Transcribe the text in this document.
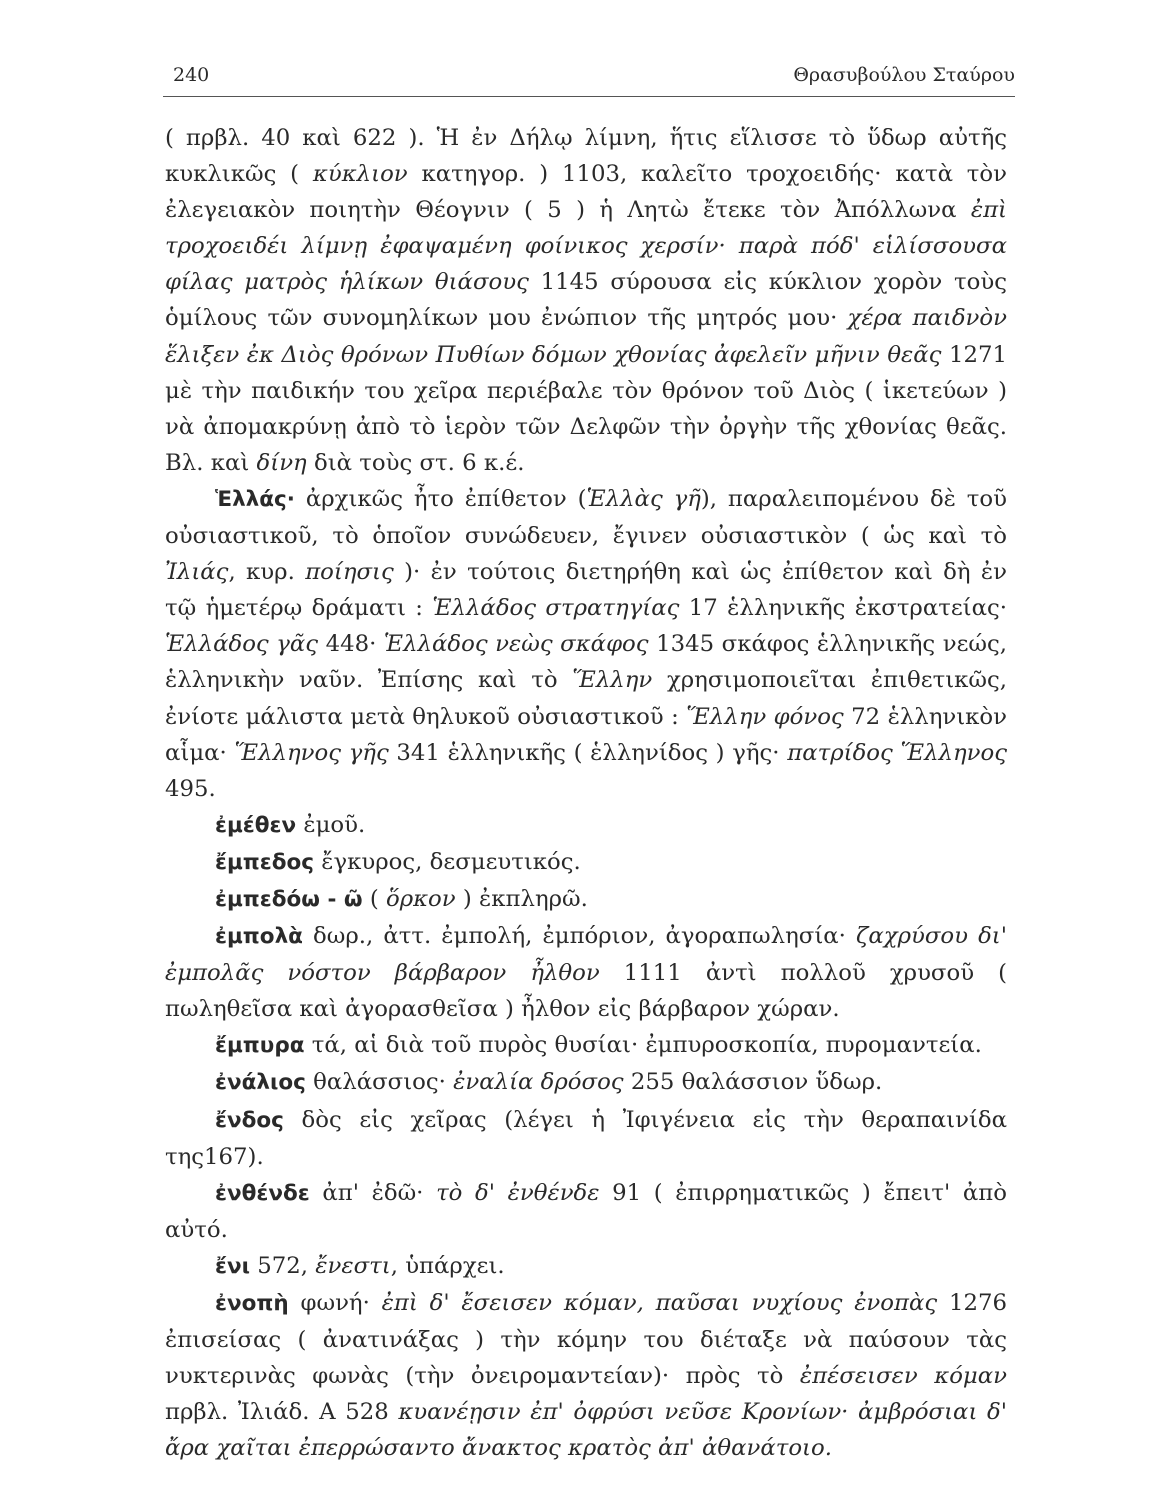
240	Θρασυβούλου Σταύρου

( πρβλ. 40 καὶ 622 ). Ἡ ἐν Δήλῳ λίμνη, ἥτις εἵλισσε τὸ ὕδωρ αὐτῆς κυκλικῶς ( κύκλιον κατηγορ. ) 1103, καλεῖτο τροχοειδής· κατὰ τὸν ἐλεγειακὸν ποιητὴν Θέογνιν ( 5 ) ἡ Λητὼ ἔτεκε τὸν Ἀπόλλωνα ἐπὶ τροχοειδέι λίμνῃ ἐφαψαμένη φοίνικος χερσίν· παρὰ πόδ' εἱλίσσουσα φίλας ματρὸς ἡλίκων θιάσους 1145 σύρουσα εἰς κύκλιον χορὸν τοὺς ὁμίλους τῶν συνομηλίκων μου ἐνώπιον τῆς μητρός μου· χέρα παιδνὸν ἕλιξεν ἐκ Διὸς θρόνων Πυθίων δόμων χθονίας ἀφελεῖν μῆνιν θεᾶς 1271 μὲ τὴν παιδικήν του χεῖρα περιέβαλε τὸν θρόνον τοῦ Διὸς ( ἱκετεύων ) νὰ ἀπομακρύνῃ ἀπὸ τὸ ἱερὸν τῶν Δελφῶν τὴν ὀργὴν τῆς χθονίας θεᾶς. Βλ. καὶ δίνη διὰ τοὺς στ. 6 κ.έ.

Ἑλλάς· ἀρχικῶς ἦτο ἐπίθετον (Ἑλλὰς γῆ), παραλειπομένου δὲ τοῦ οὐσιαστικοῦ, τὸ ὁποῖον συνώδευεν, ἔγινεν οὐσιαστικὸν ( ὡς καὶ τὸ Ἰλιάς, κυρ. ποίησις )· ἐν τούτοις διετηρήθη καὶ ὡς ἐπίθετον καὶ δὴ ἐν τῷ ἡμετέρῳ δράματι : Ἑλλάδος στρατηγίας 17 ἑλληνικῆς ἐκστρατείας· Ἑλλάδος γᾶς 448· Ἑλλάδος νεὼς σκάφος 1345 σκάφος ἑλληνικῆς νεώς, ἑλληνικὴν ναῦν. Ἐπίσης καὶ τὸ Ἕλλην χρησιμοποιεῖται ἐπιθετικῶς, ἐνίοτε μάλιστα μετὰ θηλυκοῦ οὐσιαστικοῦ : Ἕλλην φόνος 72 ἑλληνικὸν αἷμα· Ἕλληνος γῆς 341 ἑλληνικῆς ( ἑλληνίδος ) γῆς· πατρίδος Ἕλληνος 495.

ἐμέθεν ἐμοῦ.

ἔμπεδος ἔγκυρος, δεσμευτικός.

ἐμπεδόω - ῶ ( ὅρκον ) ἐκπληρῶ.

ἐμπολὰ δωρ., ἀττ. ἐμπολή, ἐμπόριον, ἀγοραπωλησία· ζαχρύσου δι' ἐμπολᾶς νόστον βάρβαρον ἦλθον 1111 ἀντὶ πολλοῦ χρυσοῦ ( πωληθεῖσα καὶ ἀγορασθεῖσα ) ἦλθον εἰς βάρβαρον χώραν.

ἔμπυρα τά, αἱ διὰ τοῦ πυρὸς θυσίαι· ἐμπυροσκοπία, πυρομαντεία.

ἐνάλιος θαλάσσιος· ἐναλία δρόσος 255 θαλάσσιον ὕδωρ.

ἔνδος δὸς εἰς χεῖρας (λέγει ἡ Ἰφιγένεια εἰς τὴν θεραπαινίδα της167).

ἐνθένδε ἀπ' ἐδῶ· τὸ δ' ἐνθένδε 91 ( ἐπιρρηματικῶς ) ἔπειτ' ἀπὸ αὐτό.

ἔνι 572, ἔνεστι, ὑπάρχει.

ἐνοπὴ φωνή· ἐπὶ δ' ἔσεισεν κόμαν, παῦσαι νυχίους ἐνοπὰς 1276 ἐπισείσας ( ἀνατινάξας ) τὴν κόμην του διέταξε νὰ παύσουν τὰς νυκτερινὰς φωνὰς (τὴν ὀνειρομαντείαν)· πρὸς τὸ ἐπέσεισεν κόμαν πρβλ. Ἰλιάδ. Α 528 κυανέῃσιν ἐπ' ὀφρύσι νεῦσε Κρονίων· ἀμβρόσιαι δ' ἄρα χαῖται ἐπερρώσαντο ἄνακτος κρατὸς ἀπ' ἀθανάτοιο.
